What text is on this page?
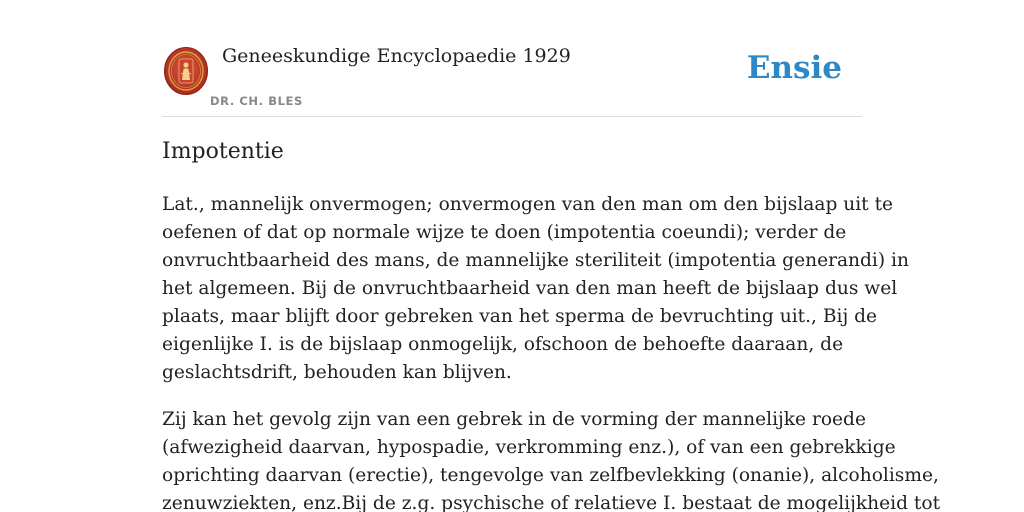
Geneeskundige Encyclopaedie 1929
DR. CH. BLES
Ensie
Impotentie

Lat., mannelijk onvermogen; onvermogen van den man om den bijslaap uit te
oefenen of dat op normale wijze te doen (impotentia coeundi); verder de
onvruchtbaarheid des mans, de mannelijke steriliteit (impotentia generandi) in
het algemeen. Bij de onvruchtbaarheid van den man heeft de bijslaap dus wel
plaats, maar blijft door gebreken van het sperma de bevruchting uit., Bij de
eigenlijke I. is de bijslaap onmogelijk, ofschoon de behoefte daaraan, de
geslachtsdrift, behouden kan blijven.

Zij kan het gevolg zijn van een gebrek in de vorming der mannelijke roede
(afwezigheid daarvan, hypospadie, verkromming enz.), of van een gebrekkige
oprichting daarvan (erectie), tengevolge van zelfbevlekking (onanie), alcoholisme,
zenuwziekten, enz.Bij de z.g. psychische of relatieve I. bestaat de mogelijkheid tot
